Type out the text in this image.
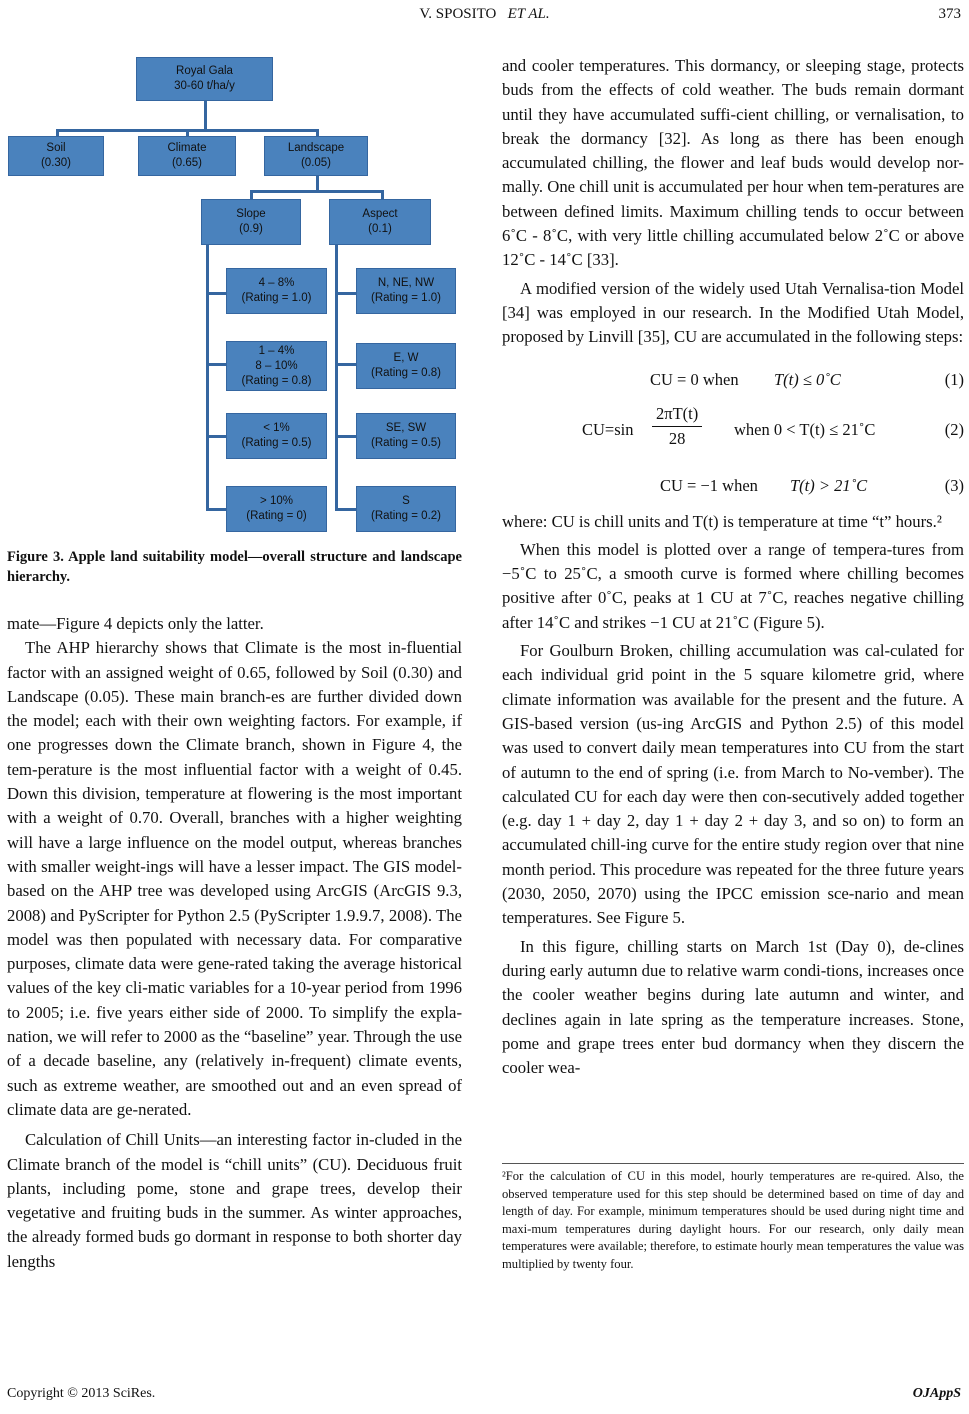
V. SPOSITO ET AL.	373
Royal Gala
30-60 t/ha/y
Soil
(0.30)
Climate
(0.65)
Landscape
(0.05)
Slope
(0.9)
Aspect
(0.1)
4 – 8%
(Rating = 1.0)
1 – 4%
8 – 10%
(Rating = 0.8)
< 1%
(Rating = 0.5)
> 10%
(Rating = 0)
N, NE, NW
(Rating = 1.0)
E, W
(Rating = 0.8)
SE, SW
(Rating = 0.5)
S
(Rating = 0.2)
Figure 3. Apple land suitability model—overall structure and landscape hierarchy.

mate—Figure 4 depicts only the latter.

The AHP hierarchy shows that Climate is the most in-fluential factor with an assigned weight of 0.65, followed by Soil (0.30) and Landscape (0.05). These main branch-es are further divided down the model; each with their own weighting factors. For example, if one progresses down the Climate branch, shown in Figure 4, the tem-perature is the most influential factor with a weight of 0.45. Down this division, temperature at flowering is the most important with a weight of 0.70. Overall, branches with a higher weighting will have a large influence on the model output, whereas branches with smaller weight-ings will have a lesser impact. The GIS model-based on the AHP tree was developed using ArcGIS (ArcGIS 9.3, 2008) and PyScripter for Python 2.5 (PyScripter 1.9.9.7, 2008). The model was then populated with necessary data. For comparative purposes, climate data were gene-rated taking the average historical values of the key cli-matic variables for a 10-year period from 1996 to 2005; i.e. five years either side of 2000. To simplify the expla-nation, we will refer to 2000 as the “baseline” year. Through the use of a decade baseline, any (relatively in-frequent) climate events, such as extreme weather, are smoothed out and an even spread of climate data are ge-nerated.

Calculation of Chill Units—an interesting factor in-cluded in the Climate branch of the model is “chill units” (CU). Deciduous fruit plants, including pome, stone and grape trees, develop their vegetative and fruiting buds in the summer. As winter approaches, the already formed buds go dormant in response to both shorter day lengths

and cooler temperatures. This dormancy, or sleeping stage, protects buds from the effects of cold weather. The buds remain dormant until they have accumulated suffi-cient chilling, or vernalisation, to break the dormancy [32]. As long as there has been enough accumulated chilling, the flower and leaf buds would develop nor-mally. One chill unit is accumulated per hour when tem-peratures are between defined limits. Maximum chilling tends to occur between 6˚C - 8˚C, with very little chilling accumulated below 2˚C or above 12˚C - 14˚C [33].

A modified version of the widely used Utah Vernalisa-tion Model [34] was employed in our research. In the Modified Utah Model, proposed by Linvill [35], CU are accumulated in the following steps:

CU = 0 when T(t) ≤ 0˚C	(1)
$CU=\sin \frac{2\pi T(t)}{28}$ when 0 < T(t) ≤ 21˚C	(2)
CU = −1 when T(t) > 21˚C	(3)

where: CU is chill units and T(t) is temperature at time “t” hours.²

When this model is plotted over a range of tempera-tures from −5˚C to 25˚C, a smooth curve is formed where chilling becomes positive after 0˚C, peaks at 1 CU at 7˚C, reaches negative chilling after 14˚C and strikes −1 CU at 21˚C (Figure 5).

For Goulburn Broken, chilling accumulation was cal-culated for each individual grid point in the 5 square kilometre grid, where climate information was available for the present and the future. A GIS-based version (us-ing ArcGIS and Python 2.5) of this model was used to convert daily mean temperatures into CU from the start of autumn to the end of spring (i.e. from March to No-vember). The calculated CU for each day were then con-secutively added together (e.g. day 1 + day 2, day 1 + day 2 + day 3, and so on) to form an accumulated chill-ing curve for the entire study region over that nine month period. This procedure was repeated for the three future years (2030, 2050, 2070) using the IPCC emission sce-nario and mean temperatures. See Figure 5.

In this figure, chilling starts on March 1st (Day 0), de-clines during early autumn due to relative warm condi-tions, increases once the cooler weather begins during late autumn and winter, and declines again in late spring as the temperature increases. Stone, pome and grape trees enter bud dormancy when they discern the cooler wea-

²For the calculation of CU in this model, hourly temperatures are re-quired. Also, the observed temperature used for this step should be determined based on time of day and length of day. For example, minimum temperatures should be used during night time and maxi-mum temperatures during daylight hours. For our research, only daily mean temperatures were available; therefore, to estimate hourly mean temperatures the value was multiplied by twenty four.
Copyright © 2013 SciRes.	OJAppS
